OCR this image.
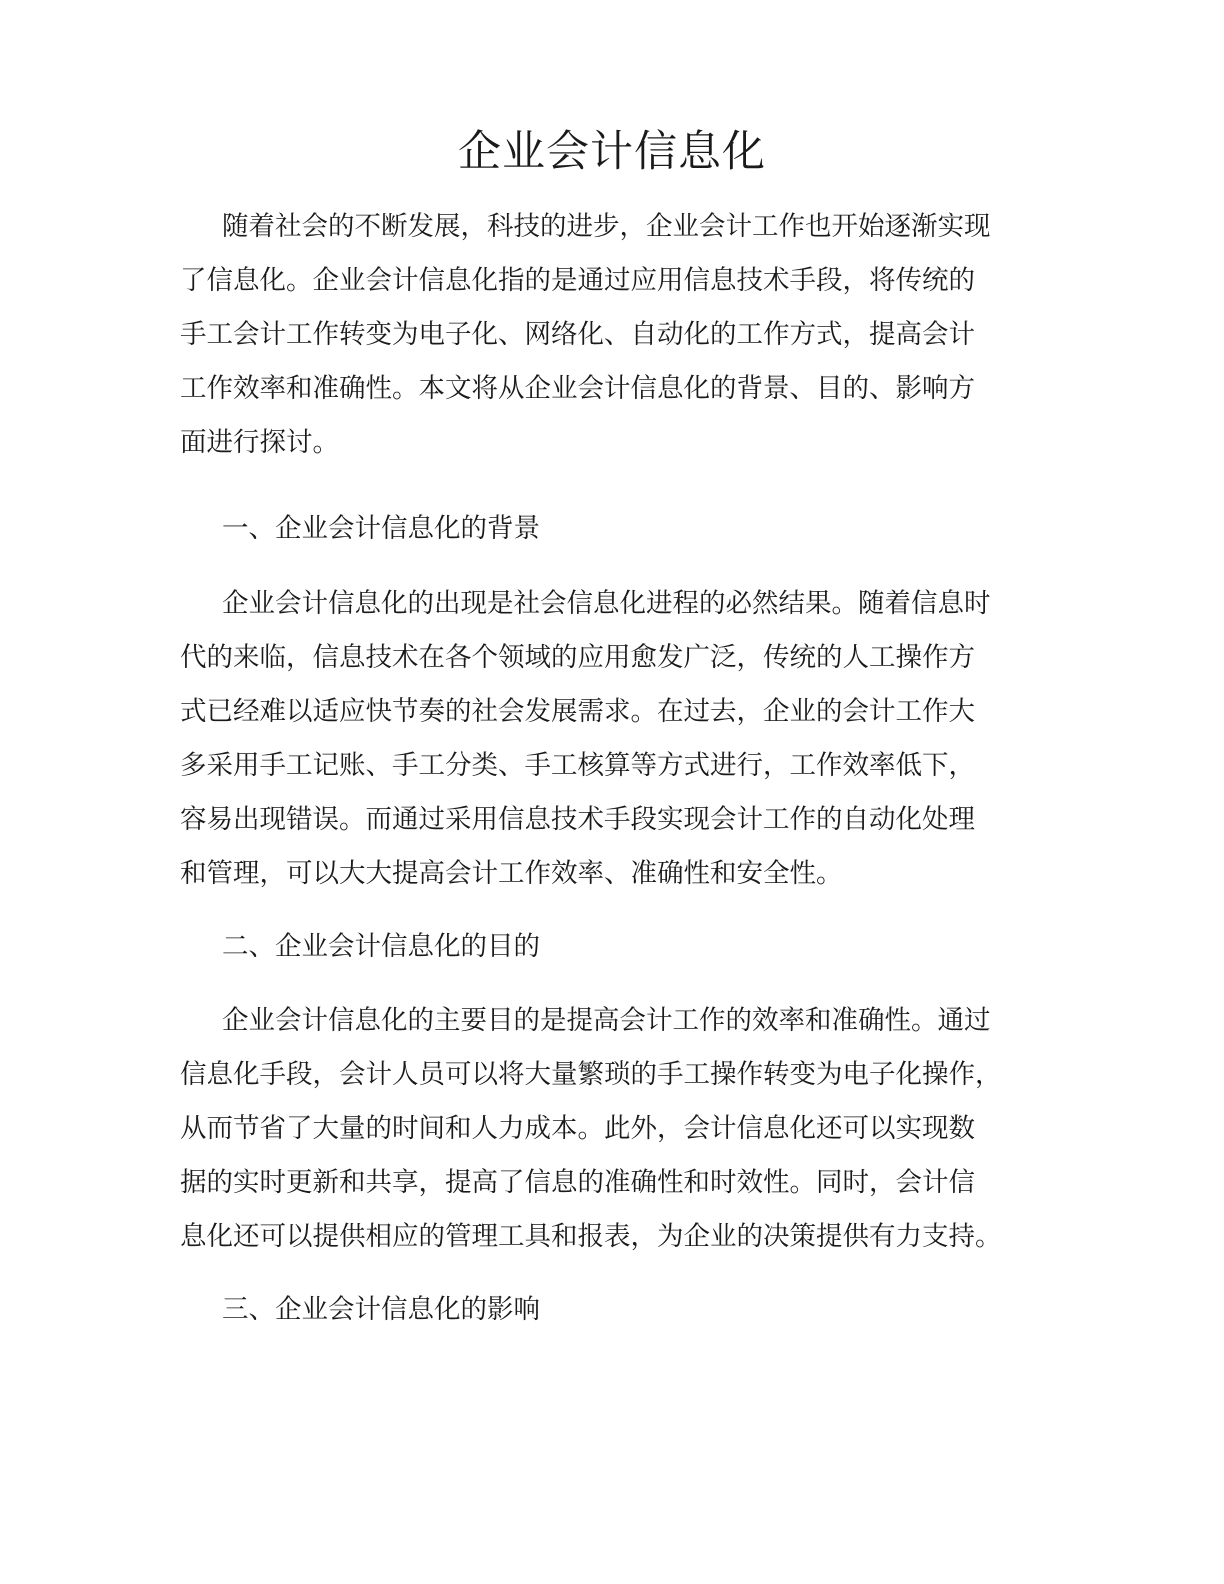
企业会计信息化
随着社会的不断发展，科技的进步，企业会计工作也开始逐渐实现
了信息化。企业会计信息化指的是通过应用信息技术手段，将传统的
手工会计工作转变为电子化、网络化、自动化的工作方式，提高会计
工作效率和准确性。本文将从企业会计信息化的背景、目的、影响方
面进行探讨。
一、企业会计信息化的背景
企业会计信息化的出现是社会信息化进程的必然结果。随着信息时
代的来临，信息技术在各个领域的应用愈发广泛，传统的人工操作方
式已经难以适应快节奏的社会发展需求。在过去，企业的会计工作大
多采用手工记账、手工分类、手工核算等方式进行，工作效率低下，
容易出现错误。而通过采用信息技术手段实现会计工作的自动化处理
和管理，可以大大提高会计工作效率、准确性和安全性。
二、企业会计信息化的目的
企业会计信息化的主要目的是提高会计工作的效率和准确性。通过
信息化手段，会计人员可以将大量繁琐的手工操作转变为电子化操作，
从而节省了大量的时间和人力成本。此外，会计信息化还可以实现数
据的实时更新和共享，提高了信息的准确性和时效性。同时，会计信
息化还可以提供相应的管理工具和报表，为企业的决策提供有力支持。
三、企业会计信息化的影响
